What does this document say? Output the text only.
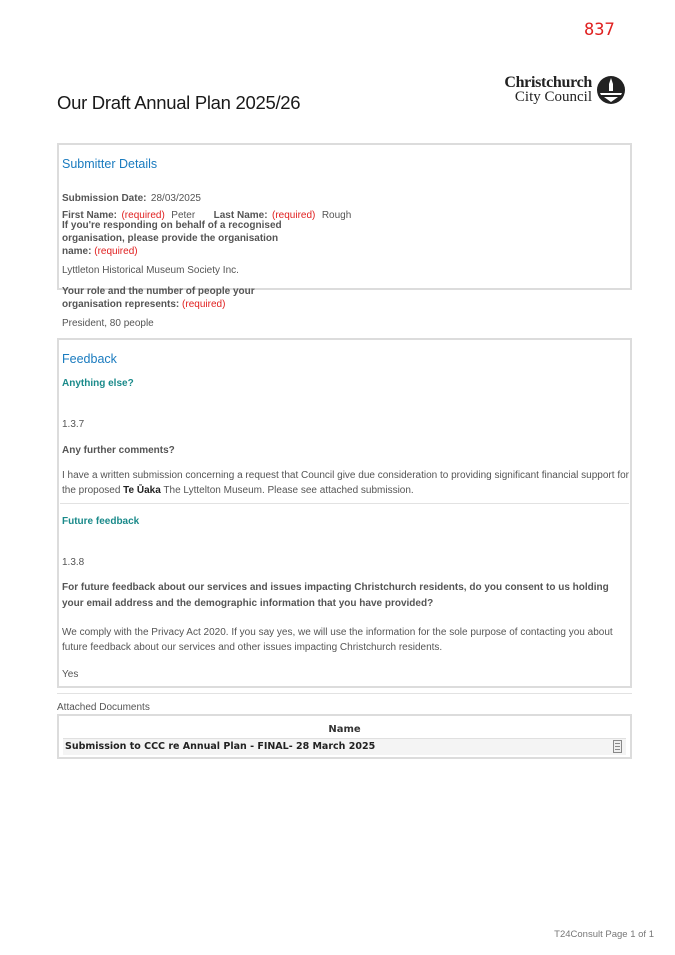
837
Our Draft Annual Plan 2025/26
Christchurch
City Council
Submitter Details
Submission Date: 28/03/2025
First Name: (required) Peter Last Name: (required) Rough
If you're responding on behalf of a recognised
organisation, please provide the organisation
name: (required)
Lyttleton Historical Museum Society Inc.
Your role and the number of people your
organisation represents: (required)
President, 80 people
Feedback
Anything else?
1.3.7
Any further comments?
I have a written submission concerning a request that Council give due consideration to providing significant financial support for
the proposed Te Ūaka The Lyttelton Museum. Please see attached submission.
Future feedback
1.3.8
For future feedback about our services and issues impacting Christchurch residents, do you consent to us holding
your email address and the demographic information that you have provided?
We comply with the Privacy Act 2020. If you say yes, we will use the information for the sole purpose of contacting you about
future feedback about our services and other issues impacting Christchurch residents.
Yes
Attached Documents
Name
Submission to CCC re Annual Plan - FINAL- 28 March 2025
T24Consult Page 1 of 1
